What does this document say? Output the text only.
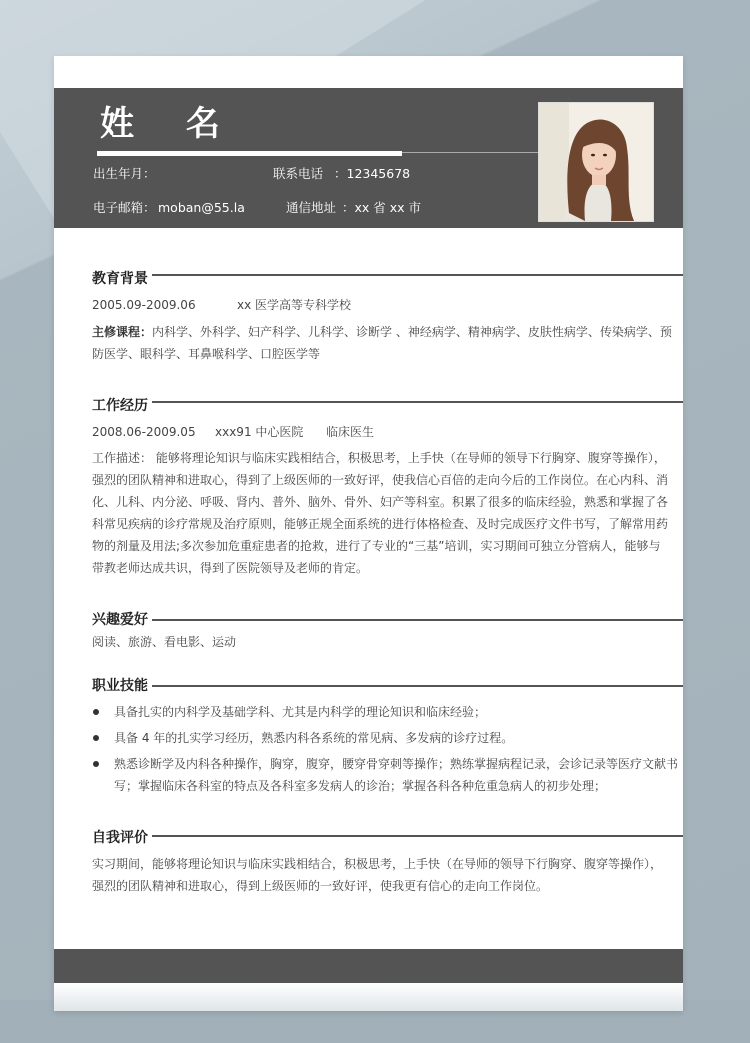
姓 名
出生年月：	联系电话 ：12345678
电子邮箱： moban@55.la	通信地址 ：xx 省 xx 市
教育背景
2005.09-2009.06	xx 医学高等专科学校
主修课程：内科学、外科学、妇产科学、儿科学、诊断学 、神经病学、精神病学、皮肤性病学、传染病学、预
防医学、眼科学、耳鼻喉科学、口腔医学等
工作经历
2008.06-2009.05 xxx91 中心医院 临床医生
工作描述： 能够将理论知识与临床实践相结合，积极思考，上手快（在导师的领导下行胸穿、腹穿等操作），
强烈的团队精神和进取心，得到了上级医师的一致好评，使我信心百倍的走向今后的工作岗位。在心内科、消
化、儿科、内分泌、呼吸、肾内、普外、脑外、骨外、妇产等科室。积累了很多的临床经验，熟悉和掌握了各
科常见疾病的诊疗常规及治疗原则，能够正规全面系统的进行体格检查、及时完成医疗文件书写，了解常用药
物的剂量及用法;多次参加危重症患者的抢救，进行了专业的“三基”培训，实习期间可独立分管病人，能够与
带教老师达成共识，得到了医院领导及老师的肯定。
兴趣爱好
阅读、旅游、看电影、运动
职业技能
具备扎实的内科学及基础学科、尤其是内科学的理论知识和临床经验；
具备 4 年的扎实学习经历，熟悉内科各系统的常见病、多发病的诊疗过程。
熟悉诊断学及内科各种操作，胸穿，腹穿，腰穿骨穿刺等操作；熟练掌握病程记录，会诊记录等医疗文献书
写；掌握临床各科室的特点及各科室多发病人的诊治；掌握各科各种危重急病人的初步处理；
自我评价
实习期间，能够将理论知识与临床实践相结合，积极思考，上手快（在导师的领导下行胸穿、腹穿等操作），
强烈的团队精神和进取心，得到上级医师的一致好评，使我更有信心的走向工作岗位。
